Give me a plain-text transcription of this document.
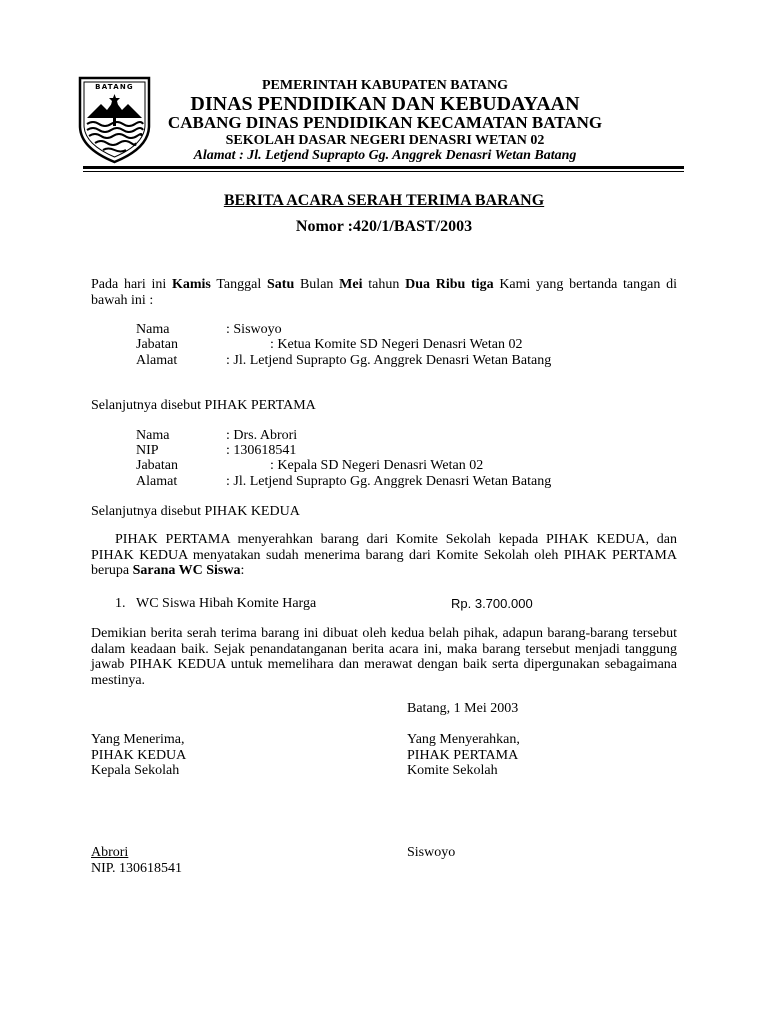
BATANG	PEMERINTAH KABUPATEN BATANG
DINAS PENDIDIKAN DAN KEBUDAYAAN
CABANG DINAS PENDIDIKAN KECAMATAN BATANG
SEKOLAH DASAR NEGERI DENASRI WETAN 02
Alamat : Jl. Letjend Suprapto Gg. Anggrek Denasri Wetan Batang
BERITA ACARA SERAH TERIMA BARANG
Nomor :420/1/BAST/2003
Pada hari ini Kamis Tanggal Satu Bulan Mei tahun Dua Ribu tiga Kami yang bertanda tangan di bawah ini :
Nama	: Siswoyo
Jabatan	: Ketua Komite SD Negeri Denasri Wetan 02
Alamat	: Jl. Letjend Suprapto Gg. Anggrek Denasri Wetan Batang
Selanjutnya disebut PIHAK PERTAMA
Nama	: Drs. Abrori
NIP	: 130618541
Jabatan	: Kepala SD Negeri Denasri Wetan 02
Alamat	: Jl. Letjend Suprapto Gg. Anggrek Denasri Wetan Batang
Selanjutnya disebut PIHAK KEDUA
PIHAK PERTAMA menyerahkan barang dari Komite Sekolah kepada PIHAK KEDUA, dan PIHAK KEDUA menyatakan sudah menerima barang dari Komite Sekolah oleh PIHAK PERTAMA berupa Sarana WC Siswa:
1. WC Siswa Hibah Komite Harga	Rp. 3.700.000
Demikian berita serah terima barang ini dibuat oleh kedua belah pihak, adapun barang-barang tersebut dalam keadaan baik. Sejak penandatanganan berita acara ini, maka barang tersebut menjadi tanggung jawab PIHAK KEDUA untuk memelihara dan merawat dengan baik serta dipergunakan sebagaimana mestinya.
Batang, 1 Mei 2003
Yang Menerima,
PIHAK KEDUA
Kepala Sekolah
Yang Menyerahkan,
PIHAK PERTAMA
Komite Sekolah
Abrori
NIP. 130618541
Siswoyo
